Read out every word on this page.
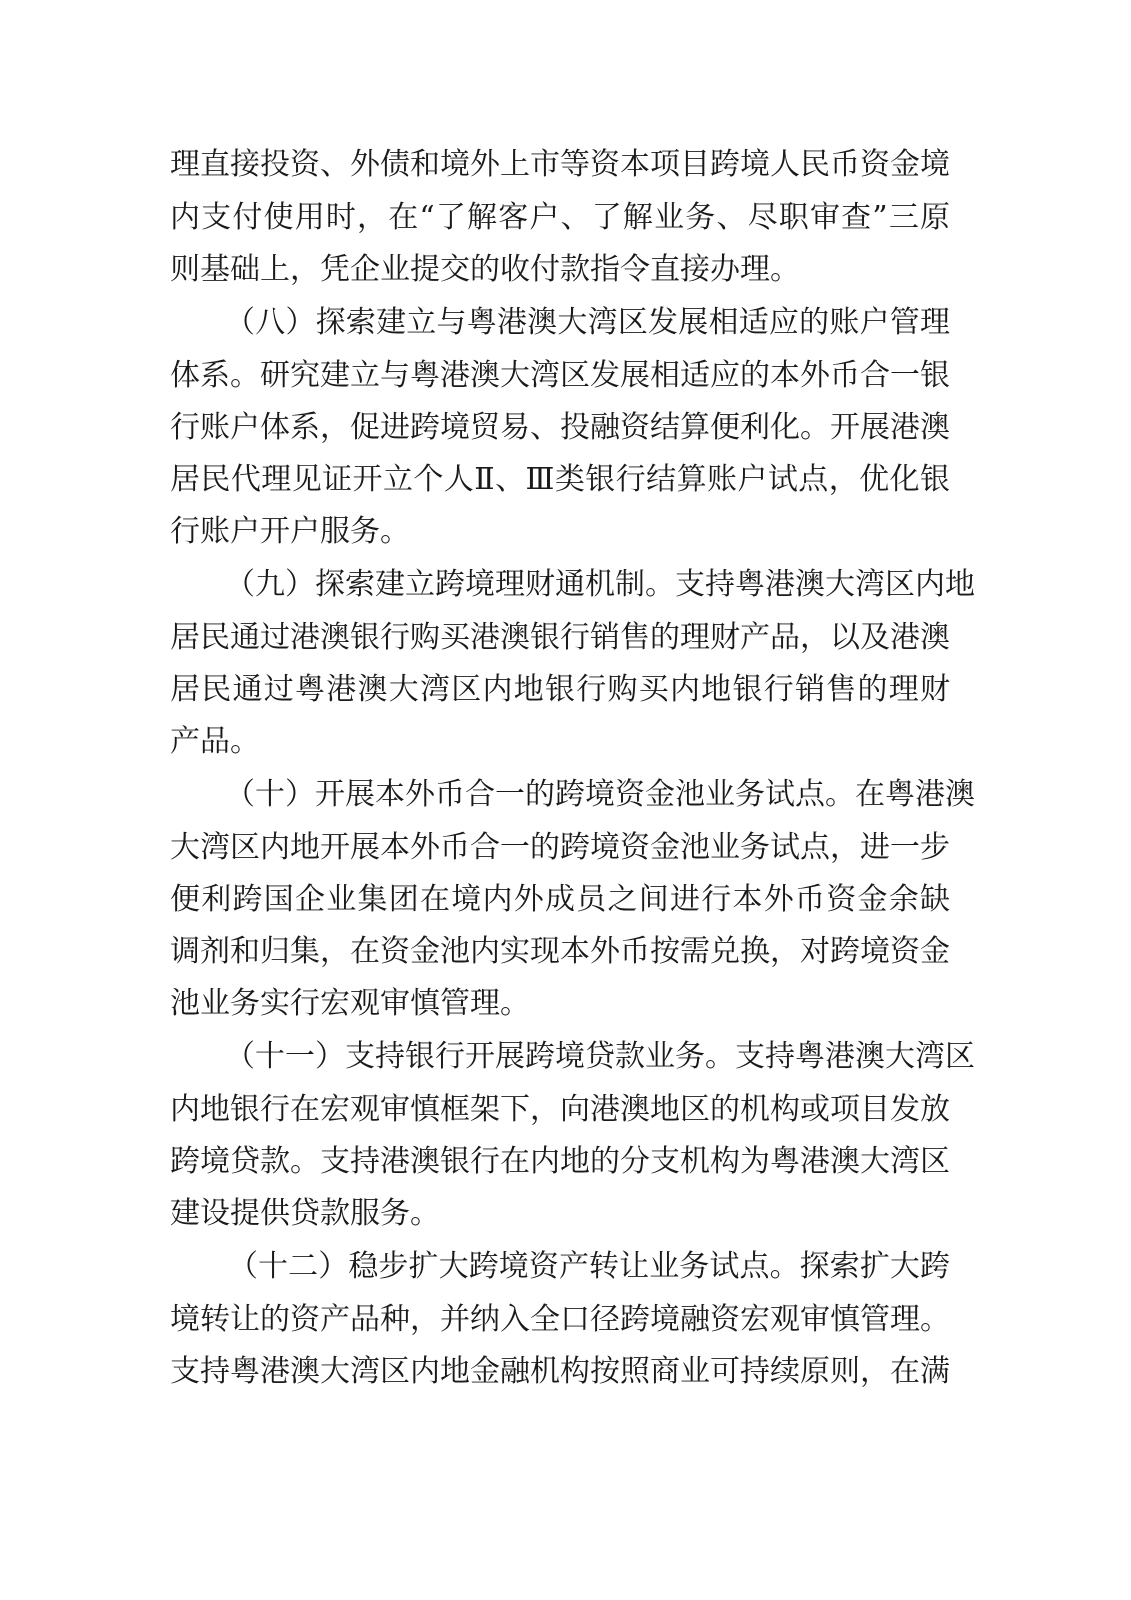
理直接投资、外债和境外上市等资本项目跨境人民币资金境
内支付使用时，在“了解客户、了解业务、尽职审查”三原
则基础上，凭企业提交的收付款指令直接办理。
（八）探索建立与粤港澳大湾区发展相适应的账户管理
体系。研究建立与粤港澳大湾区发展相适应的本外币合一银
行账户体系，促进跨境贸易、投融资结算便利化。开展港澳
居民代理见证开立个人Ⅱ、Ⅲ类银行结算账户试点，优化银
行账户开户服务。
（九）探索建立跨境理财通机制。支持粤港澳大湾区内地
居民通过港澳银行购买港澳银行销售的理财产品，以及港澳
居民通过粤港澳大湾区内地银行购买内地银行销售的理财
产品。
（十）开展本外币合一的跨境资金池业务试点。在粤港澳
大湾区内地开展本外币合一的跨境资金池业务试点，进一步
便利跨国企业集团在境内外成员之间进行本外币资金余缺
调剂和归集，在资金池内实现本外币按需兑换，对跨境资金
池业务实行宏观审慎管理。
（十一）支持银行开展跨境贷款业务。支持粤港澳大湾区
内地银行在宏观审慎框架下，向港澳地区的机构或项目发放
跨境贷款。支持港澳银行在内地的分支机构为粤港澳大湾区
建设提供贷款服务。
（十二）稳步扩大跨境资产转让业务试点。探索扩大跨
境转让的资产品种，并纳入全口径跨境融资宏观审慎管理。
支持粤港澳大湾区内地金融机构按照商业可持续原则，在满
